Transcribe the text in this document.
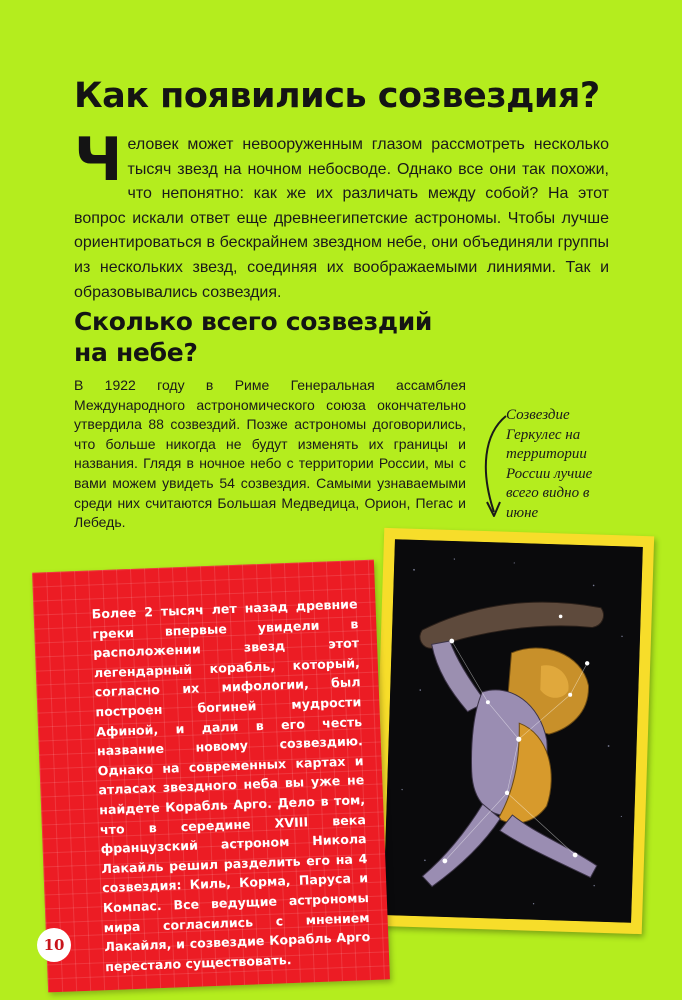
Как появились созвездия?

Человек может невооруженным глазом рассмотреть несколько тысяч звезд на ночном небосводе. Однако все они так похожи, что непонятно: как же их различать между собой? На этот вопрос искали ответ еще древнеегипетские астрономы. Чтобы лучше ориентироваться в бескрайнем звездном небе, они объединяли группы из нескольких звезд, соединяя их воображаемыми линиями. Так и образовывались созвездия.

Сколько всего созвездий на небе?

В 1922 году в Риме Генеральная ассамблея Международного астрономического союза окончательно утвердила 88 созвездий. Позже астрономы договорились, что больше никогда не будут изменять их границы и названия. Глядя в ночное небо с территории России, мы с вами можем увидеть 54 созвездия. Самыми узнаваемыми среди них считаются Большая Медведица, Орион, Пегас и Лебедь.

Созвездие Геркулес на территории России лучше всего видно в июне

Более 2 тысяч лет назад древние греки впервые увидели в расположении звезд этот легендарный корабль, который, согласно их мифологии, был построен богиней мудрости Афиной, и дали в его честь название новому созвездию. Однако на современных картах и атласах звездного неба вы уже не найдете Корабль Арго. Дело в том, что в середине XVIII века французский астроном Никола Лакайль решил разделить его на 4 созвездия: Киль, Корма, Паруса и Компас. Все ведущие астрономы мира согласились с мнением Лакайля, и созвездие Корабль Арго перестало существовать.

10
